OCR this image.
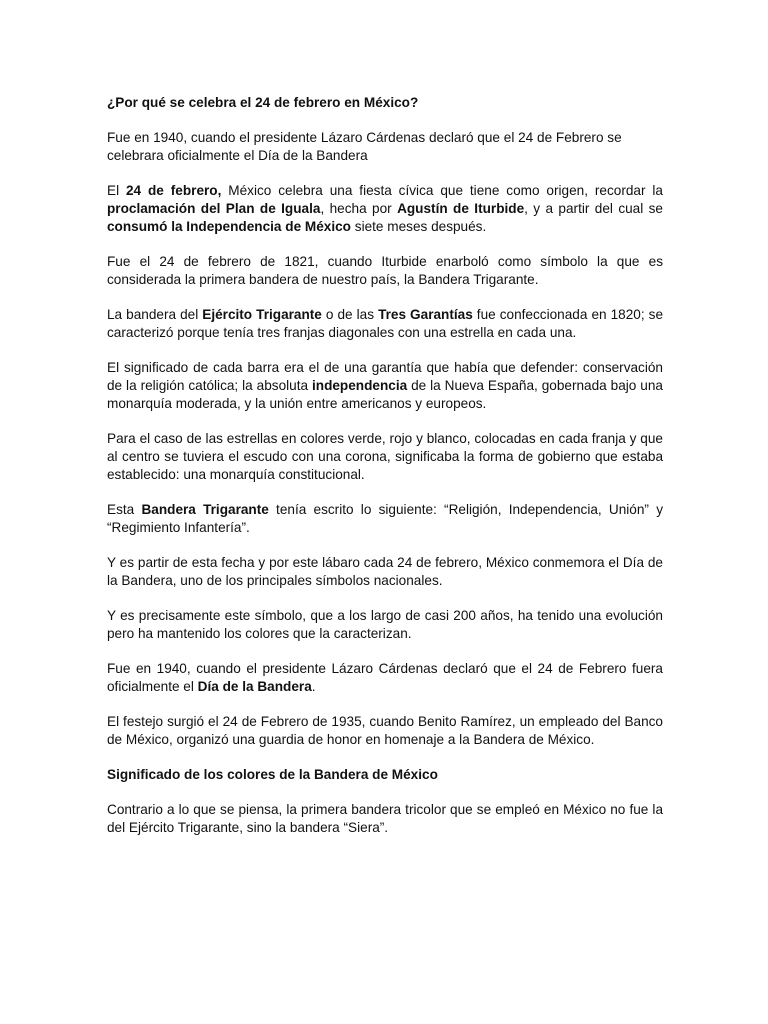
¿Por qué se celebra el 24 de febrero en México?
Fue en 1940, cuando el presidente Lázaro Cárdenas declaró que el 24 de Febrero se celebrara oficialmente el Día de la Bandera
El 24 de febrero, México celebra una fiesta cívica que tiene como origen, recordar la proclamación del Plan de Iguala, hecha por Agustín de Iturbide, y a partir del cual se consumó la Independencia de México siete meses después.
Fue el 24 de febrero de 1821, cuando Iturbide enarboló como símbolo la que es considerada la primera bandera de nuestro país, la Bandera Trigarante.
La bandera del Ejército Trigarante o de las Tres Garantías fue confeccionada en 1820; se caracterizó porque tenía tres franjas diagonales con una estrella en cada una.
El significado de cada barra era el de una garantía que había que defender: conservación de la religión católica; la absoluta independencia de la Nueva España, gobernada bajo una monarquía moderada, y la unión entre americanos y europeos.
Para el caso de las estrellas en colores verde, rojo y blanco, colocadas en cada franja y que al centro se tuviera el escudo con una corona, significaba la forma de gobierno que estaba establecido: una monarquía constitucional.
Esta Bandera Trigarante tenía escrito lo siguiente: “Religión, Independencia, Unión” y “Regimiento Infantería”.
Y es partir de esta fecha y por este lábaro cada 24 de febrero, México conmemora el Día de la Bandera, uno de los principales símbolos nacionales.
Y es precisamente este símbolo, que a los largo de casi 200 años, ha tenido una evolución pero ha mantenido los colores que la caracterizan.
Fue en 1940, cuando el presidente Lázaro Cárdenas declaró que el 24 de Febrero fuera oficialmente el Día de la Bandera.
El festejo surgió el 24 de Febrero de 1935, cuando Benito Ramírez, un empleado del Banco de México, organizó una guardia de honor en homenaje a la Bandera de México.
Significado de los colores de la Bandera de México
Contrario a lo que se piensa, la primera bandera tricolor que se empleó en México no fue la del Ejército Trigarante, sino la bandera “Siera”.
